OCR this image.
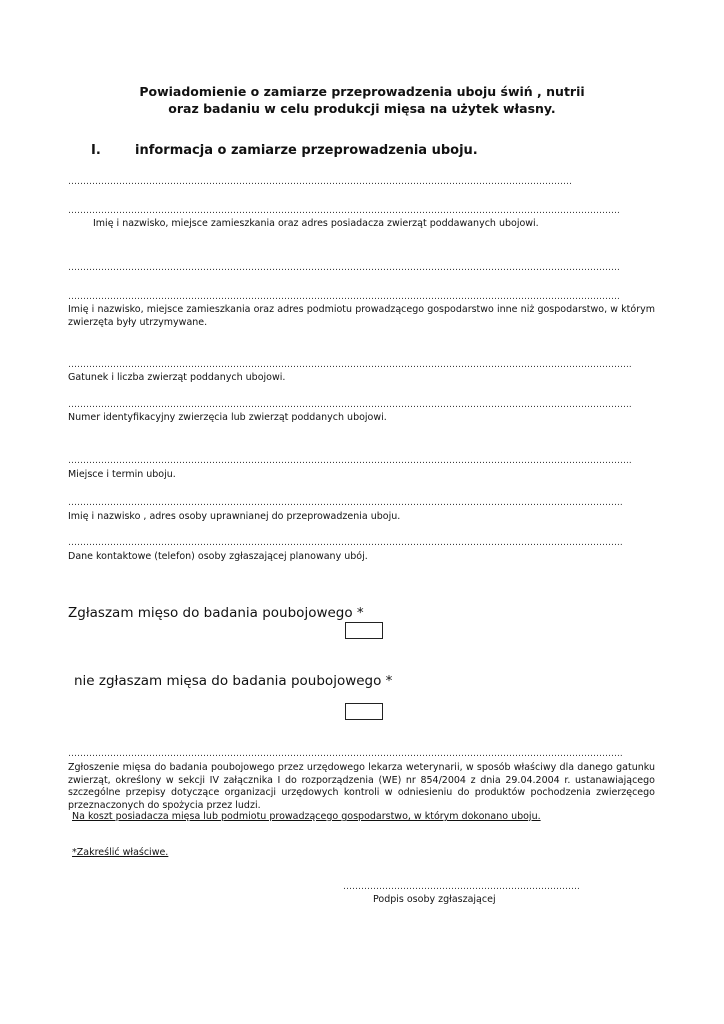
Powiadomienie o zamiarze przeprowadzenia uboju świń , nutrii
oraz badaniu w celu produkcji mięsa na użytek własny.
I.	informacja o zamiarze przeprowadzenia uboju.
……………………………………………………………………………………………………………………………………………………
………………………………………………………………………………………………………………………………………………………………….
Imię i nazwisko, miejsce zamieszkania oraz adres posiadacza zwierząt poddawanych ubojowi.
………………………………………………………………………………………………………………………………………………………………….
………………………………………………………………………………………………………………………………………………………………….
Imię i nazwisko, miejsce zamieszkania oraz adres podmiotu prowadzącego gospodarstwo inne niż gospodarstwo, w którym zwierzęta były utrzymywane.
……………………………………………………………………………………………………………………………………………………………………..
Gatunek i liczba zwierząt poddanych ubojowi.
……………………………………………………………………………………………………………………………………………………………………..
Numer identyfikacyjny zwierzęcia lub zwierząt poddanych ubojowi.
……………………………………………………………………………………………………………………………………………………………………..
Miejsce i termin uboju.
…………………………………………………………………………………………………………………………………………………………………..
Imię i nazwisko , adres osoby uprawnianej do przeprowadzenia uboju.
…………………………………………………………………………………………………………………………………………………………………..
Dane kontaktowe (telefon) osoby zgłaszającej planowany ubój.
Zgłaszam mięso do badania poubojowego *
nie zgłaszam mięsa do badania poubojowego *
…………………………………………………………………………………………………………………………………………………………………..
Zgłoszenie mięsa do badania poubojowego przez urzędowego lekarza weterynarii, w sposób właściwy dla danego gatunku zwierząt, określony w sekcji IV załącznika I do rozporządzenia (WE) nr 854/2004 z dnia 29.04.2004 r. ustanawiającego szczególne przepisy dotyczące organizacji urzędowych kontroli w odniesieniu do produktów pochodzenia zwierzęcego przeznaczonych do spożycia przez ludzi.
Na koszt posiadacza mięsa lub podmiotu prowadzącego gospodarstwo, w którym dokonano uboju.
*Zakreślić właściwe.
…………………………………………………………………….
Podpis osoby zgłaszającej
